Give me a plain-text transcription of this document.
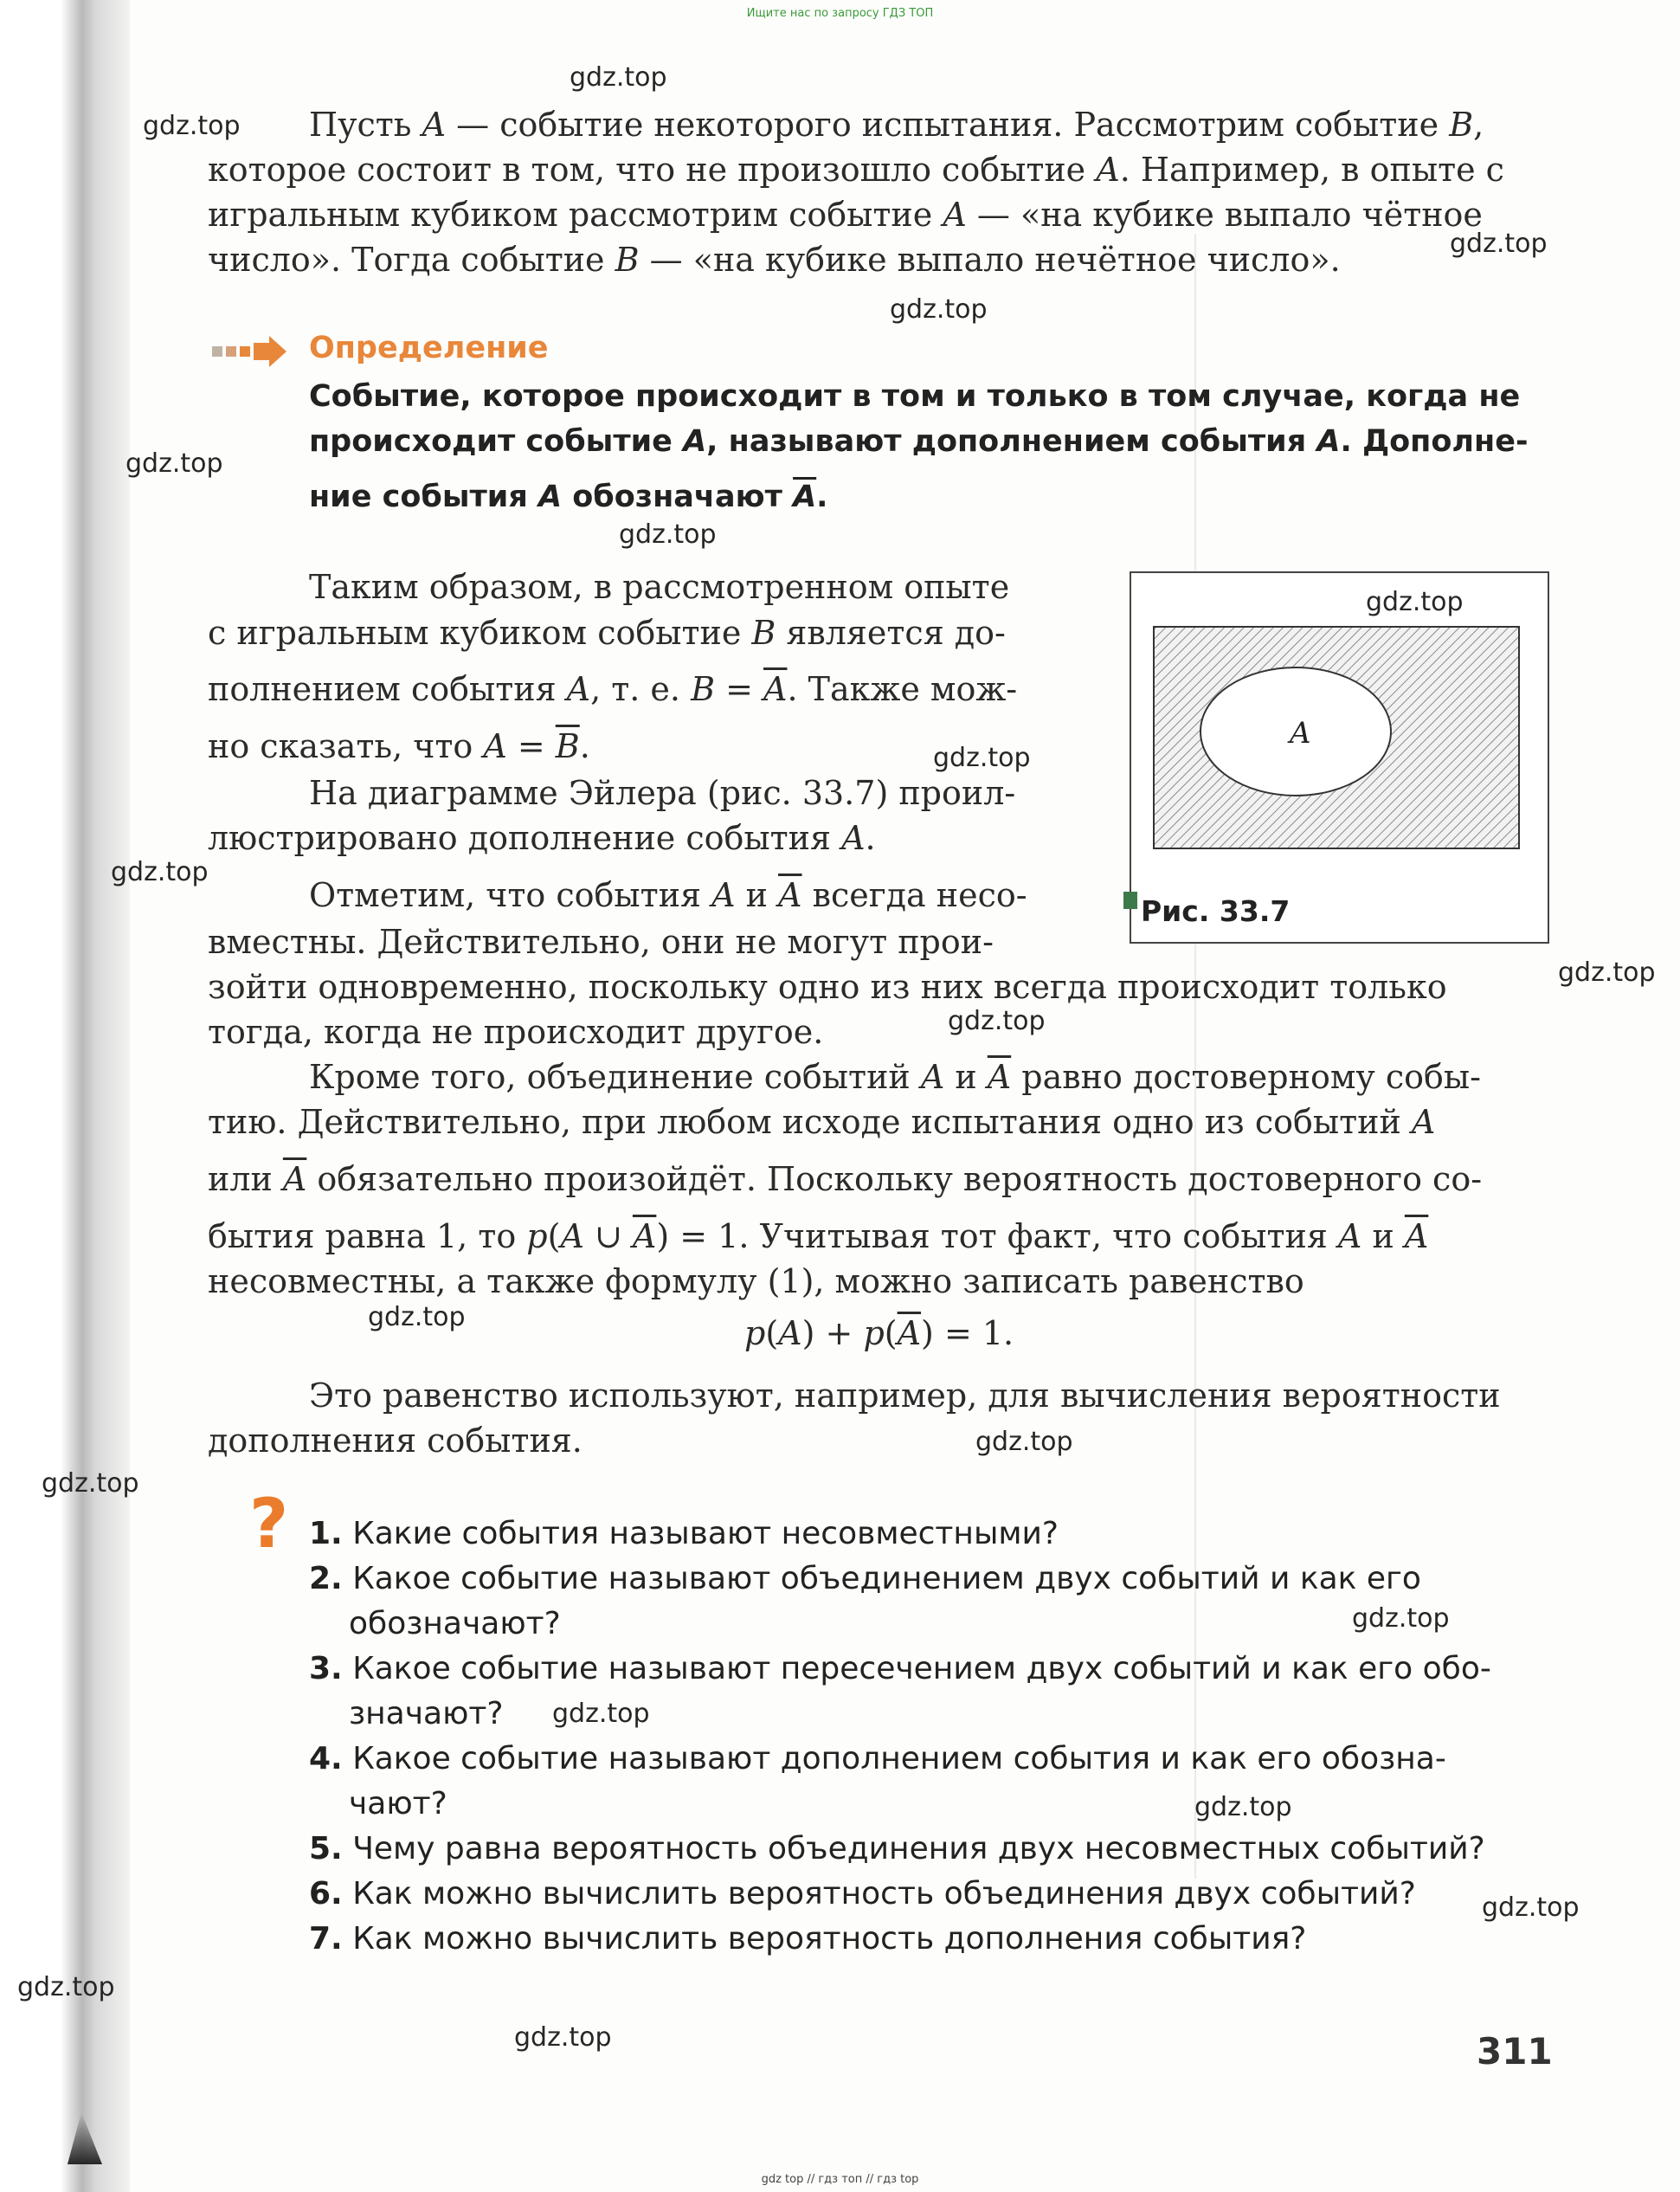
Ищите нас по запросу ГДЗ ТОП
Пусть A — событие некоторого испытания. Рассмотрим событие B,
которое состоит в том, что не произошло событие A. Например, в опыте с
игральным кубиком рассмотрим событие A — «на кубике выпало чётное
число». Тогда событие B — «на кубике выпало нечётное число».
Определение
Событие, которое происходит в том и только в том случае, когда не
происходит событие A, называют дополнением события A. Дополне-
ние события A обозначают $\overline{A}$.
Таким образом, в рассмотренном опыте
с игральным кубиком событие B является до-
полнением события A, т. е. $B = \overline{A}$. Также мож-
но сказать, что $A = \overline{B}$.
На диаграмме Эйлера (рис. 33.7) проил-
люстрировано дополнение события A.
Отметим, что события A и $\overline{A}$ всегда несо-
A
Рис. 33.7
вместны. Действительно, они не могут прои-
зойти одновременно, поскольку одно из них всегда происходит только
тогда, когда не происходит другое.
Кроме того, объединение событий A и $\overline{A}$ равно достоверному собы-
тию. Действительно, при любом исходе испытания одно из событий A
или $\overline{A}$ обязательно произойдёт. Поскольку вероятность достоверного со-
бытия равна 1, то p(A ∪ $\overline{A}) = 1$. Учитывая тот факт, что события A и $\overline{A}$
несовместны, а также формулу (1), можно записать равенство
$p(A) + p(\overline{A}) = 1$.
Это равенство используют, например, для вычисления вероятности
дополнения события.
? 1. Какие события называют несовместными?
2. Какое событие называют объединением двух событий и как его
обозначают?
3. Какое событие называют пересечением двух событий и как его обо-
значают?
4. Какое событие называют дополнением события и как его обозна-
чают?
5. Чему равна вероятность объединения двух несовместных событий?
6. Как можно вычислить вероятность объединения двух событий?
7. Как можно вычислить вероятность дополнения события?
311
gdz.top
gdz.top
gdz.top
gdz.top
gdz.top
gdz.top
gdz.top
gdz.top
gdz.top
gdz.top
gdz.top
gdz.top
gdz.top
gdz.top
gdz.top
gdz.top
gdz.top
gdz.top
gdz.top
gdz.top
gdz top // гдз топ // гдз top
